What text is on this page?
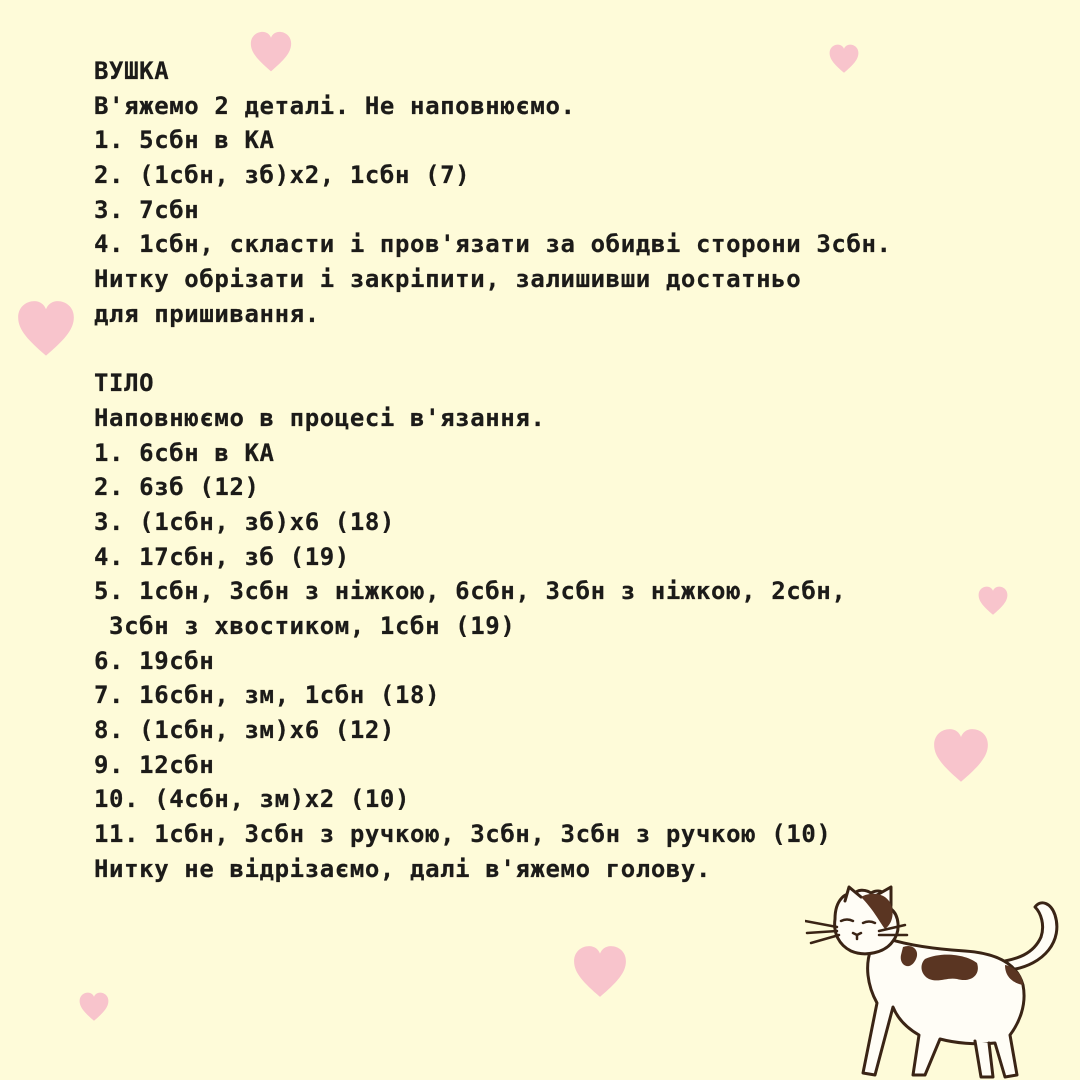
ВУШКА
В'яжемо 2 деталі. Не наповнюємо.
1. 5сбн в КА
2. (1сбн, зб)х2, 1сбн (7)
3. 7сбн
4. 1сбн, скласти і пров'язати за обидві сторони 3сбн.
Нитку обрізати і закріпити, залишивши достатньо
для пришивання.
ТІЛО
Наповнюємо в процесі в'язання.
1. 6сбн в КА
2. 6зб (12)
3. (1сбн, зб)х6 (18)
4. 17сбн, зб (19)
5. 1сбн, 3сбн з ніжкою, 6сбн, 3сбн з ніжкою, 2сбн,
3сбн з хвостиком, 1сбн (19)
6. 19сбн
7. 16сбн, зм, 1сбн (18)
8. (1сбн, зм)х6 (12)
9. 12сбн
10. (4сбн, зм)х2 (10)
11. 1сбн, 3сбн з ручкою, 3сбн, 3сбн з ручкою (10)
Нитку не відрізаємо, далі в'яжемо голову.
